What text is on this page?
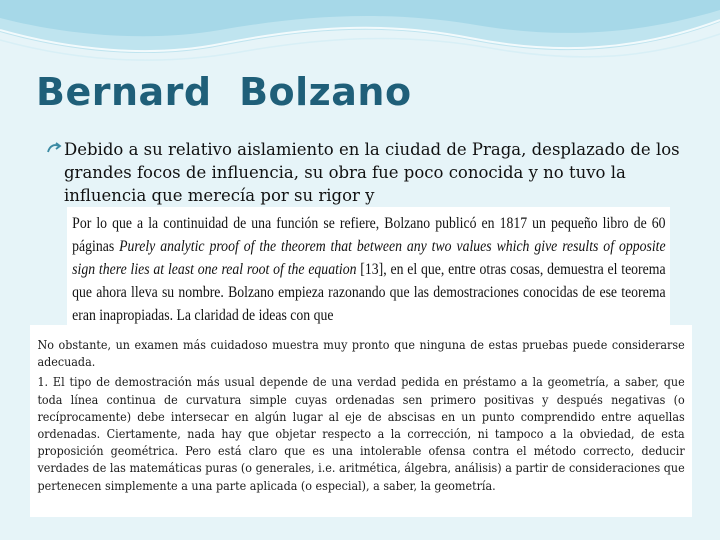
Bernard  Bolzano
Debido a su relativo aislamiento en la ciudad de Praga, desplazado de los grandes focos de influencia, su obra fue poco conocida y no tuvo la influencia que merecía por su rigor y

Por lo que a la continuidad de una función se refiere, Bolzano publicó en 1817 un pequeño libro de 60 páginas Purely analytic proof of the theorem that between any two values which give results of opposite sign there lies at least one real root of the equation [13], en el que, entre otras cosas, demuestra el teorema que ahora lleva su nombre. Bolzano empieza razonando que las demostraciones conocidas de ese teorema eran inapropiadas. La claridad de ideas con que

No obstante, un examen más cuidadoso muestra muy pronto que ninguna de estas pruebas puede considerarse adecuada.

1. El tipo de demostración más usual depende de una verdad pedida en préstamo a la geometría, a saber, que toda línea continua de curvatura simple cuyas ordenadas sen primero positivas y después negativas (o recíprocamente) debe intersecar en algún lugar al eje de abscisas en un punto comprendido entre aquellas ordenadas. Ciertamente, nada hay que objetar respecto a la corrección, ni tampoco a la obviedad, de esta proposición geométrica. Pero está claro que es una intolerable ofensa contra el método correcto, deducir verdades de las matemáticas puras (o generales, i.e. aritmética, álgebra, análisis) a partir de consideraciones que pertenecen simplemente a una parte aplicada (o especial), a saber, la geometría.
